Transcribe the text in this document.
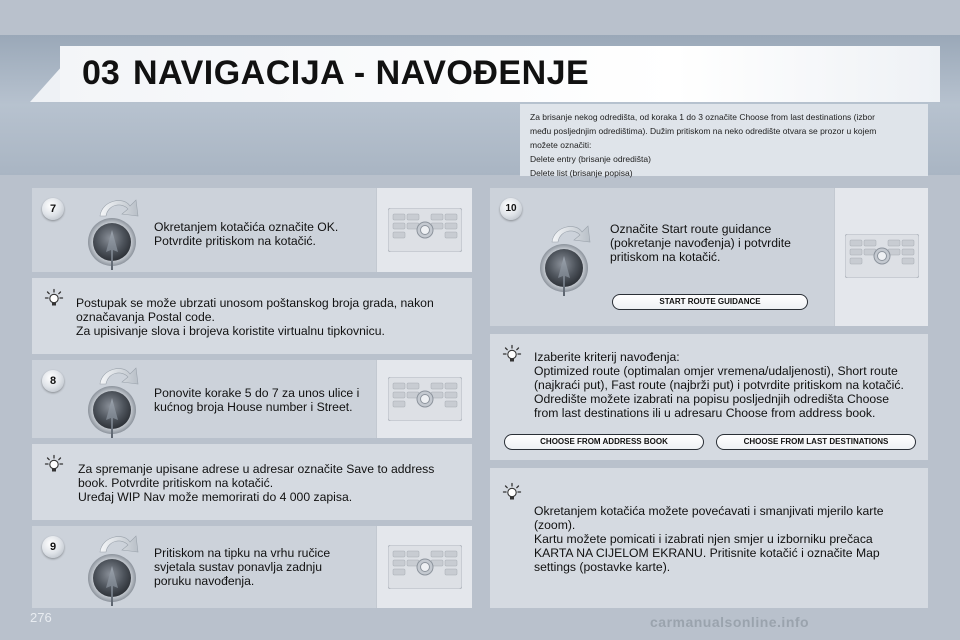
03 NAVIGACIJA - NAVOĐENJE
Za brisanje nekog odredišta, od koraka 1 do 3 označite Choose from last destinations (izbor
među posljednjim odredištima). Dužim pritiskom na neko odredište otvara se prozor u kojem
možete označiti:
Delete entry (brisanje odredišta)
Delete list (brisanje popisa)
7
Okretanjem kotačića označite OK.
Potvrdite pritiskom na kotačić.
Postupak se može ubrzati unosom poštanskog broja grada, nakon
označavanja Postal code.
Za upisivanje slova i brojeva koristite virtualnu tipkovnicu.
8
Ponovite korake 5 do 7 za unos ulice i
kućnog broja House number i Street.
Za spremanje upisane adrese u adresar označite Save to address
book. Potvrdite pritiskom na kotačić.
Uređaj WIP Nav može memorirati do 4 000 zapisa.
9	Pritiskom na tipku na vrhu ručice
svjetala sustav ponavlja zadnju
poruku navođenja.
10
Označite Start route guidance
(pokretanje navođenja) i potvrdite
pritiskom na kotačić.
START ROUTE GUIDANCE
Izaberite kriterij navođenja:
Optimized route (optimalan omjer vremena/udaljenosti), Short route
(najkraći put), Fast route (najbrži put) i potvrdite pritiskom na kotačić.
Odredište možete izabrati na popisu posljednjih odredišta Choose
from last destinations ili u adresaru Choose from address book.
CHOOSE FROM ADDRESS BOOK	CHOOSE FROM LAST DESTINATIONS
Okretanjem kotačića možete povećavati i smanjivati mjerilo karte
(zoom).
Kartu možete pomicati i izabrati njen smjer u izborniku prečaca
KARTA NA CIJELOM EKRANU. Pritisnite kotačić i označite Map
settings (postavke karte).
276	carmanualsonline.info
